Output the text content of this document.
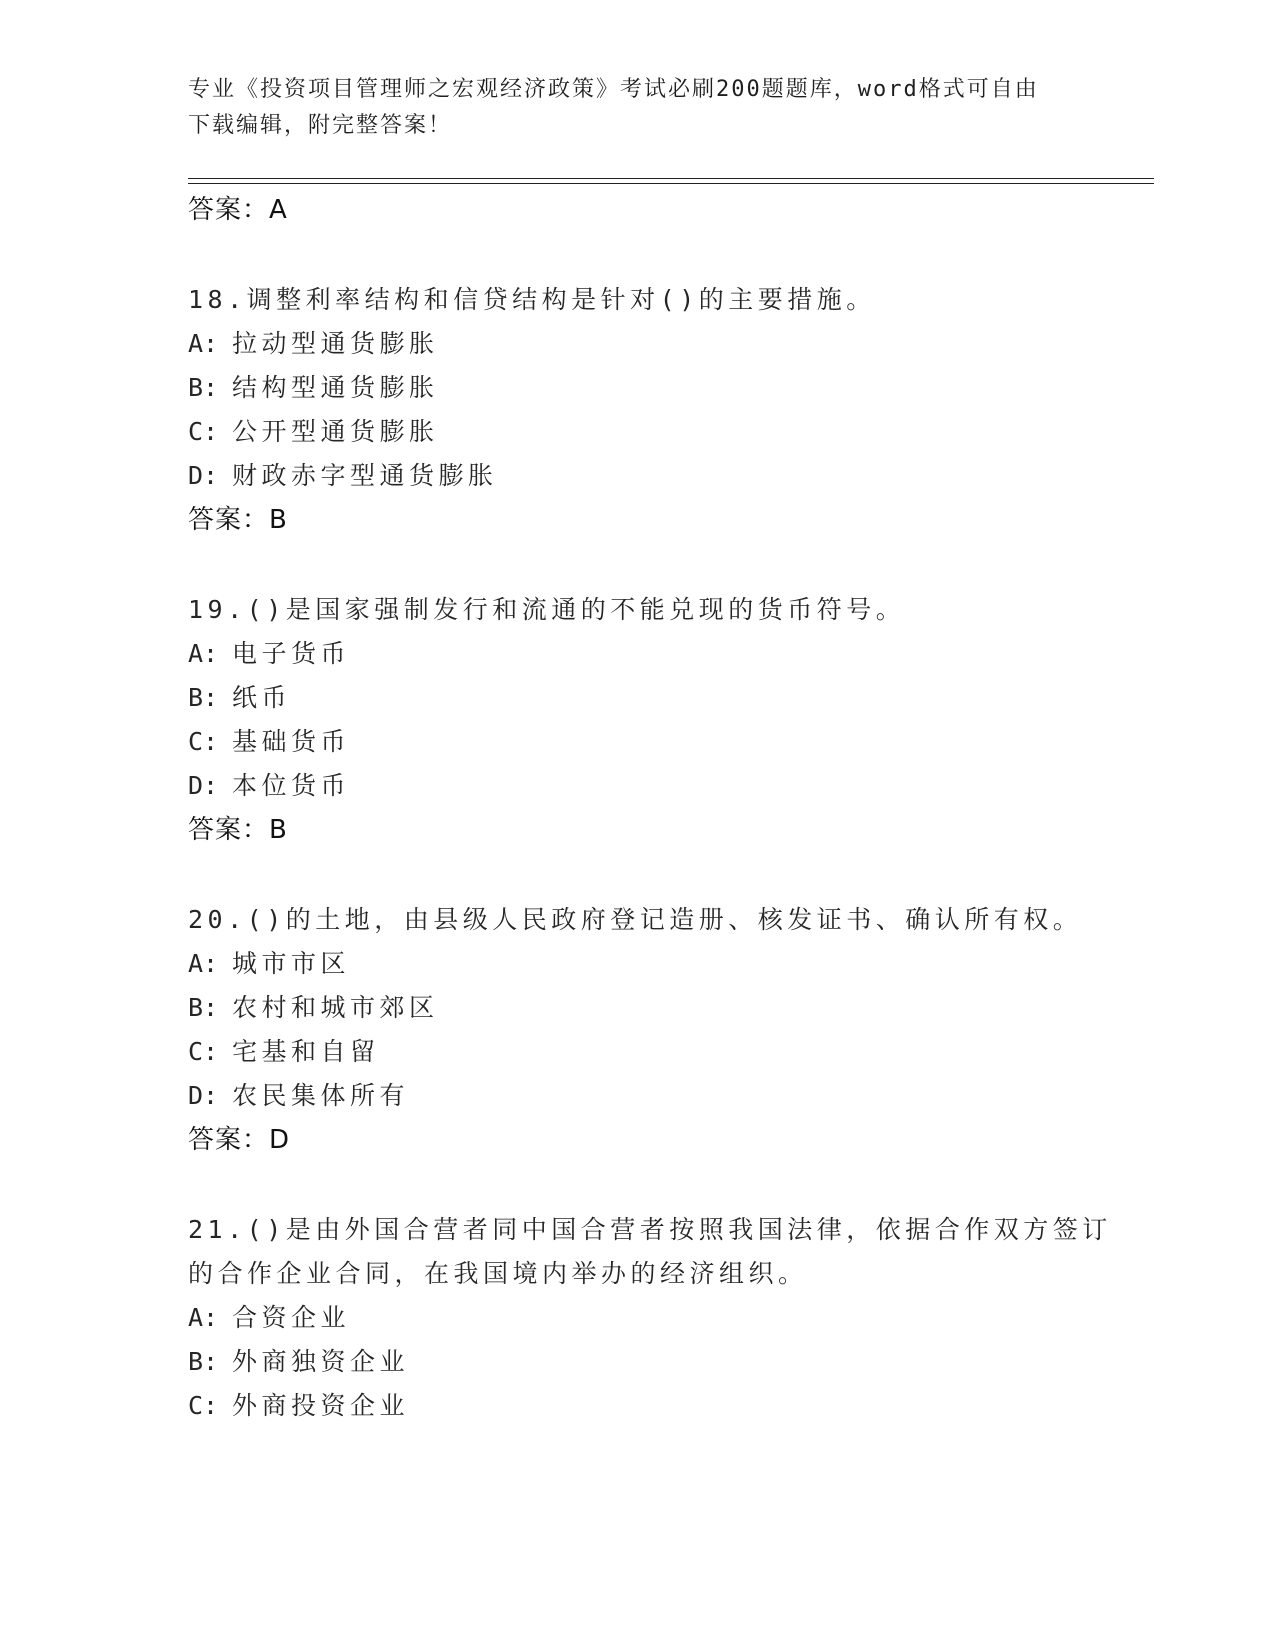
专业《投资项目管理师之宏观经济政策》考试必刷200题题库，word格式可自由
下载编辑，附完整答案！
答案：A
18.调整利率结构和信贷结构是针对()的主要措施。
A: 拉动型通货膨胀
B: 结构型通货膨胀
C: 公开型通货膨胀
D: 财政赤字型通货膨胀
答案：B
19.()是国家强制发行和流通的不能兑现的货币符号。
A: 电子货币
B: 纸币
C: 基础货币
D: 本位货币
答案：B
20.()的土地，由县级人民政府登记造册、核发证书、确认所有权。
A: 城市市区
B: 农村和城市郊区
C: 宅基和自留
D: 农民集体所有
答案：D
21.()是由外国合营者同中国合营者按照我国法律，依据合作双方签订
的合作企业合同，在我国境内举办的经济组织。
A: 合资企业
B: 外商独资企业
C: 外商投资企业
